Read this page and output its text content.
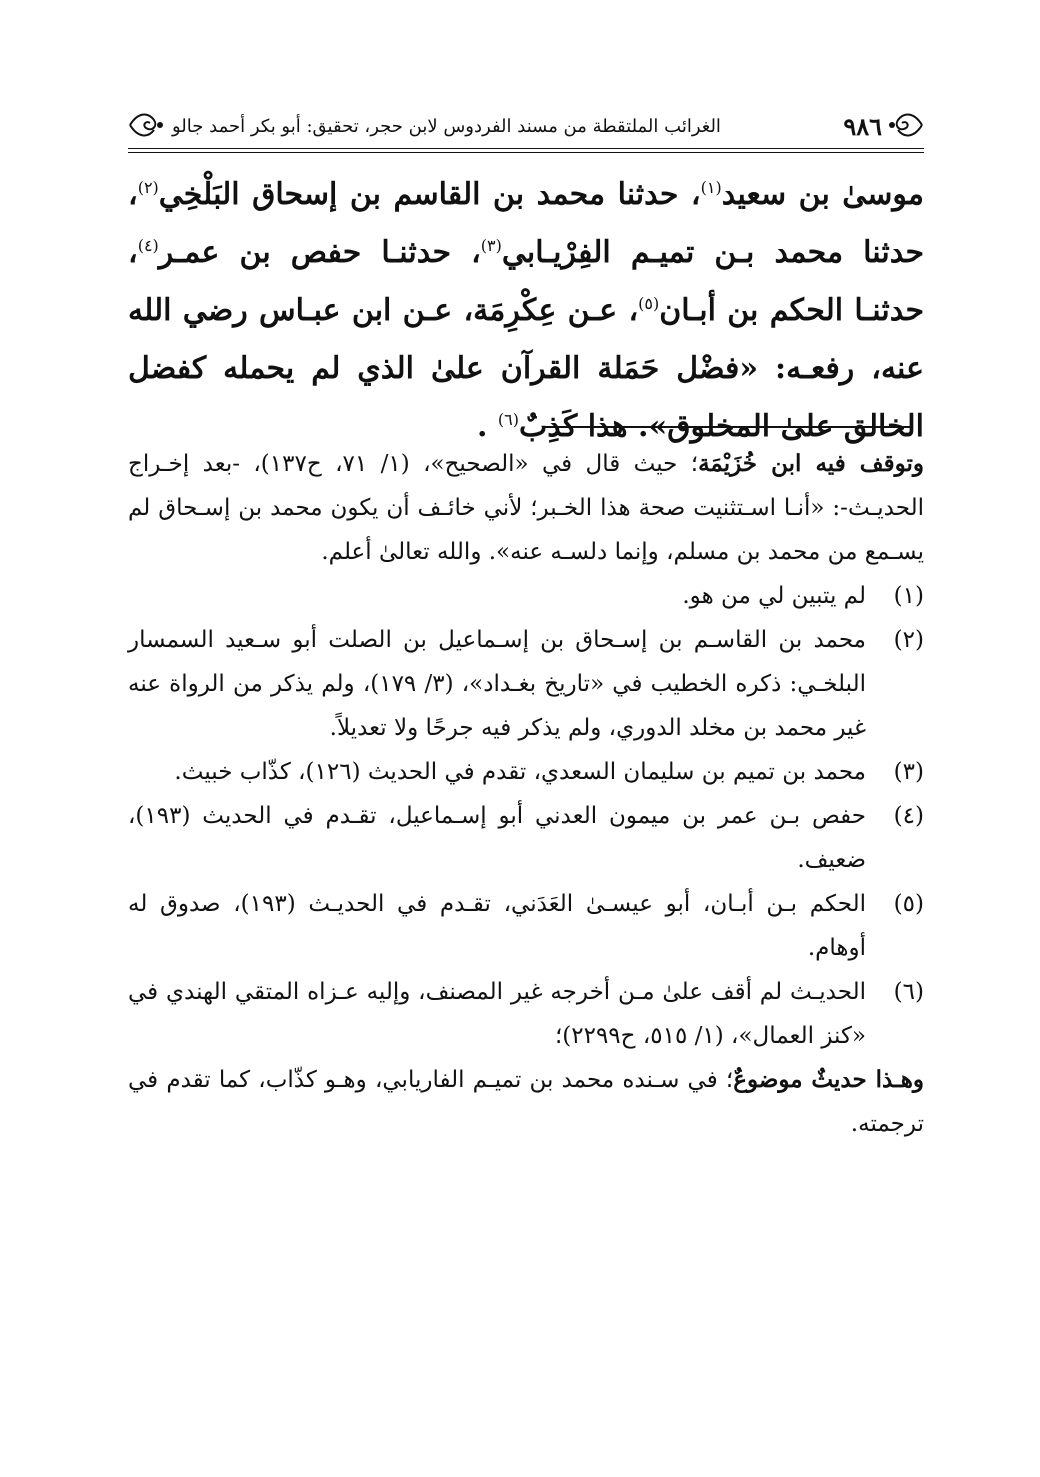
٩٨٦
الغرائب الملتقطة من مسند الفردوس لابن حجر، تحقيق: أبو بكر أحمد جالو

موسىٰ بن سعيد$^{(١)}$، حدثنا محمد بن القاسم بن إسحاق البَلْخِي$^{(٢)}$، حدثنا محمد بـن تميـم الفِرْيـابي$^{(٣)}$، حدثنـا حفص بن عمـر$^{(٤)}$، حدثنـا الحكم بن أبـان$^{(٥)}$، عـن عِكْرِمَة، عـن ابن عبـاس رضي الله عنه، رفعـه: «فضْل حَمَلة القرآن علىٰ الذي لم يحمله كفضل الخالق علىٰ المخلوق». هذا كَذِبٌ$^{(٦)}$ .

وتوقف فيه ابن خُزَيْمَة؛ حيث قال في «الصحيح»، (١/ ٧١، ح١٣٧)، -بعد إخـراج الحديـث-: «أنـا اسـتثنيت صحة هذا الخـبر؛ لأني خائـف أن يكون محمد بن إسـحاق لم يسـمع من محمد بن مسلم، وإنما دلسـه عنه». والله تعالىٰ أعلم.

(١)
لم يتبين لي من هو.
(٢)
محمد بن القاسـم بن إسـحاق بن إسـماعيل بن الصلت أبو سـعيد السمسار البلخـي: ذكره الخطيب في «تاريخ بغـداد»، (٣/ ١٧٩)، ولم يذكر من الرواة عنه غير محمد بن مخلد الدوري، ولم يذكر فيه جرحًا ولا تعديلاً.
(٣)
محمد بن تميم بن سليمان السعدي، تقدم في الحديث (١٢٦)، كذّاب خبيث.
(٤)
حفص بـن عمر بن ميمون العدني أبو إسـماعيل، تقـدم في الحديث (١٩٣)، ضعيف.
(٥)
الحكم بـن أبـان، أبو عيسـىٰ العَدَني، تقـدم في الحديـث (١٩٣)، صدوق له أوهام.
(٦)
الحديـث لم أقف علىٰ مـن أخرجه غير المصنف، وإليه عـزاه المتقي الهندي في «كنز العمال»، (١/ ٥١٥، ح٢٢٩٩)؛

وهـذا حديثٌ موضوعٌ؛ في سـنده محمد بن تميـم الفاريابي، وهـو كذّاب، كما تقدم في ترجمته.
